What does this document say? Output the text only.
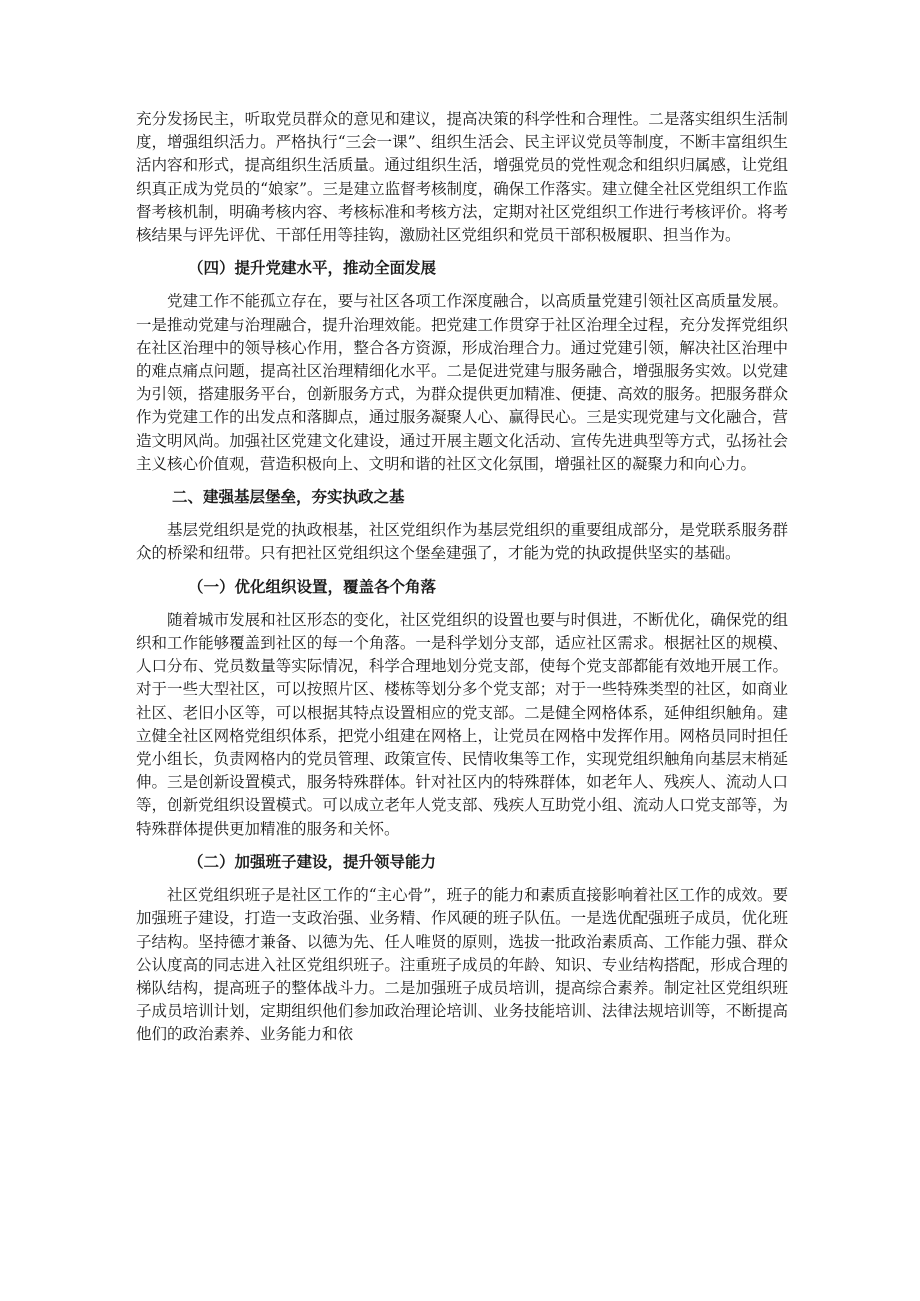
充分发扬民主，听取党员群众的意见和建议，提高决策的科学性和合理性。二是落实组织生活制度，增强组织活力。严格执行“三会一课”、组织生活会、民主评议党员等制度，不断丰富组织生活内容和形式，提高组织生活质量。通过组织生活，增强党员的党性观念和组织归属感，让党组织真正成为党员的“娘家”。三是建立监督考核制度，确保工作落实。建立健全社区党组织工作监督考核机制，明确考核内容、考核标准和考核方法，定期对社区党组织工作进行考核评价。将考核结果与评先评优、干部任用等挂钩，激励社区党组织和党员干部积极履职、担当作为。

（四）提升党建水平，推动全面发展

党建工作不能孤立存在，要与社区各项工作深度融合，以高质量党建引领社区高质量发展。一是推动党建与治理融合，提升治理效能。把党建工作贯穿于社区治理全过程，充分发挥党组织在社区治理中的领导核心作用，整合各方资源，形成治理合力。通过党建引领，解决社区治理中的难点痛点问题，提高社区治理精细化水平。二是促进党建与服务融合，增强服务实效。以党建为引领，搭建服务平台，创新服务方式，为群众提供更加精准、便捷、高效的服务。把服务群众作为党建工作的出发点和落脚点，通过服务凝聚人心、赢得民心。三是实现党建与文化融合，营造文明风尚。加强社区党建文化建设，通过开展主题文化活动、宣传先进典型等方式，弘扬社会主义核心价值观，营造积极向上、文明和谐的社区文化氛围，增强社区的凝聚力和向心力。

二、建强基层堡垒，夯实执政之基

基层党组织是党的执政根基，社区党组织作为基层党组织的重要组成部分，是党联系服务群众的桥梁和纽带。只有把社区党组织这个堡垒建强了，才能为党的执政提供坚实的基础。

（一）优化组织设置，覆盖各个角落

随着城市发展和社区形态的变化，社区党组织的设置也要与时俱进，不断优化，确保党的组织和工作能够覆盖到社区的每一个角落。一是科学划分支部，适应社区需求。根据社区的规模、人口分布、党员数量等实际情况，科学合理地划分党支部，使每个党支部都能有效地开展工作。对于一些大型社区，可以按照片区、楼栋等划分多个党支部；对于一些特殊类型的社区，如商业社区、老旧小区等，可以根据其特点设置相应的党支部。二是健全网格体系，延伸组织触角。建立健全社区网格党组织体系，把党小组建在网格上，让党员在网格中发挥作用。网格员同时担任党小组长，负责网格内的党员管理、政策宣传、民情收集等工作，实现党组织触角向基层末梢延伸。三是创新设置模式，服务特殊群体。针对社区内的特殊群体，如老年人、残疾人、流动人口等，创新党组织设置模式。可以成立老年人党支部、残疾人互助党小组、流动人口党支部等，为特殊群体提供更加精准的服务和关怀。

（二）加强班子建设，提升领导能力

社区党组织班子是社区工作的“主心骨”，班子的能力和素质直接影响着社区工作的成效。要加强班子建设，打造一支政治强、业务精、作风硬的班子队伍。一是选优配强班子成员，优化班子结构。坚持德才兼备、以德为先、任人唯贤的原则，选拔一批政治素质高、工作能力强、群众公认度高的同志进入社区党组织班子。注重班子成员的年龄、知识、专业结构搭配，形成合理的梯队结构，提高班子的整体战斗力。二是加强班子成员培训，提高综合素养。制定社区党组织班子成员培训计划，定期组织他们参加政治理论培训、业务技能培训、法律法规培训等，不断提高他们的政治素养、业务能力和依
